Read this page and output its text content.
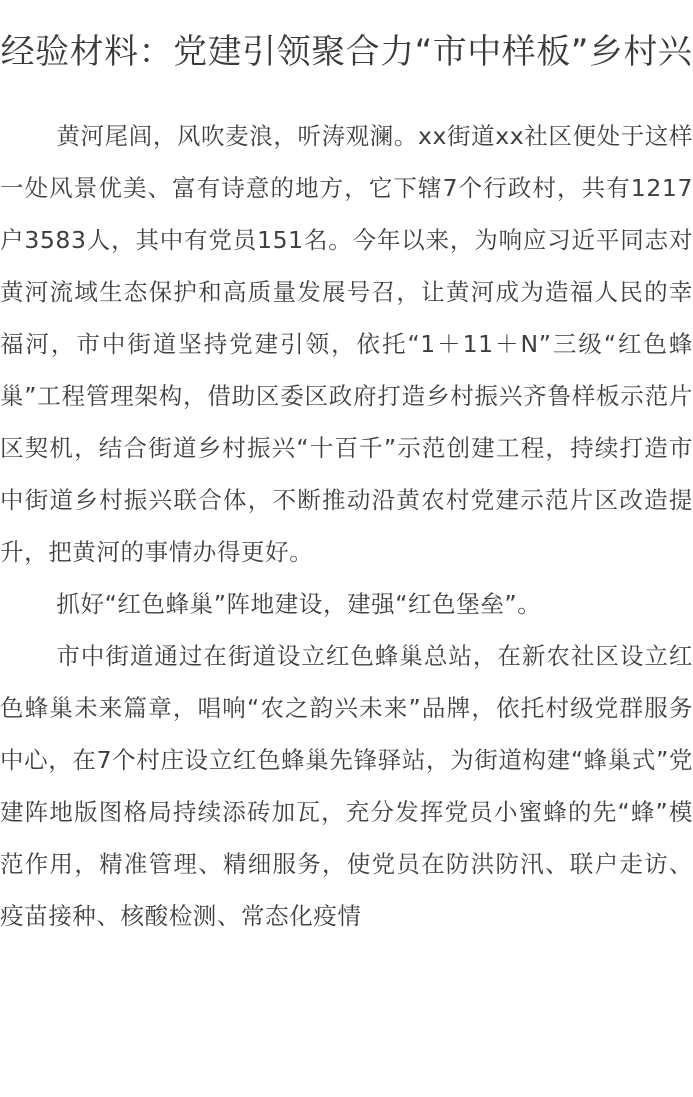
经验材料：党建引领聚合力“市中样板”乡村兴

黄河尾闾，风吹麦浪，听涛观澜。xx街道xx社区便处于这样一处风景优美、富有诗意的地方，它下辖7个行政村，共有1217户3583人，其中有党员151名。今年以来，为响应习近平同志对黄河流域生态保护和高质量发展号召，让黄河成为造福人民的幸福河，市中街道坚持党建引领，依托“1＋11＋N”三级“红色蜂巢”工程管理架构，借助区委区政府打造乡村振兴齐鲁样板示范片区契机，结合街道乡村振兴“十百千”示范创建工程，持续打造市中街道乡村振兴联合体，不断推动沿黄农村党建示范片区改造提升，把黄河的事情办得更好。

抓好“红色蜂巢”阵地建设，建强“红色堡垒”。

市中街道通过在街道设立红色蜂巢总站，在新农社区设立红色蜂巢未来篇章，唱响“农之韵兴未来”品牌，依托村级党群服务中心，在7个村庄设立红色蜂巢先锋驿站，为街道构建“蜂巢式”党建阵地版图格局持续添砖加瓦，充分发挥党员小蜜蜂的先“蜂”模范作用，精准管理、精细服务，使党员在防洪防汛、联户走访、疫苗接种、核酸检测、常态化疫情
